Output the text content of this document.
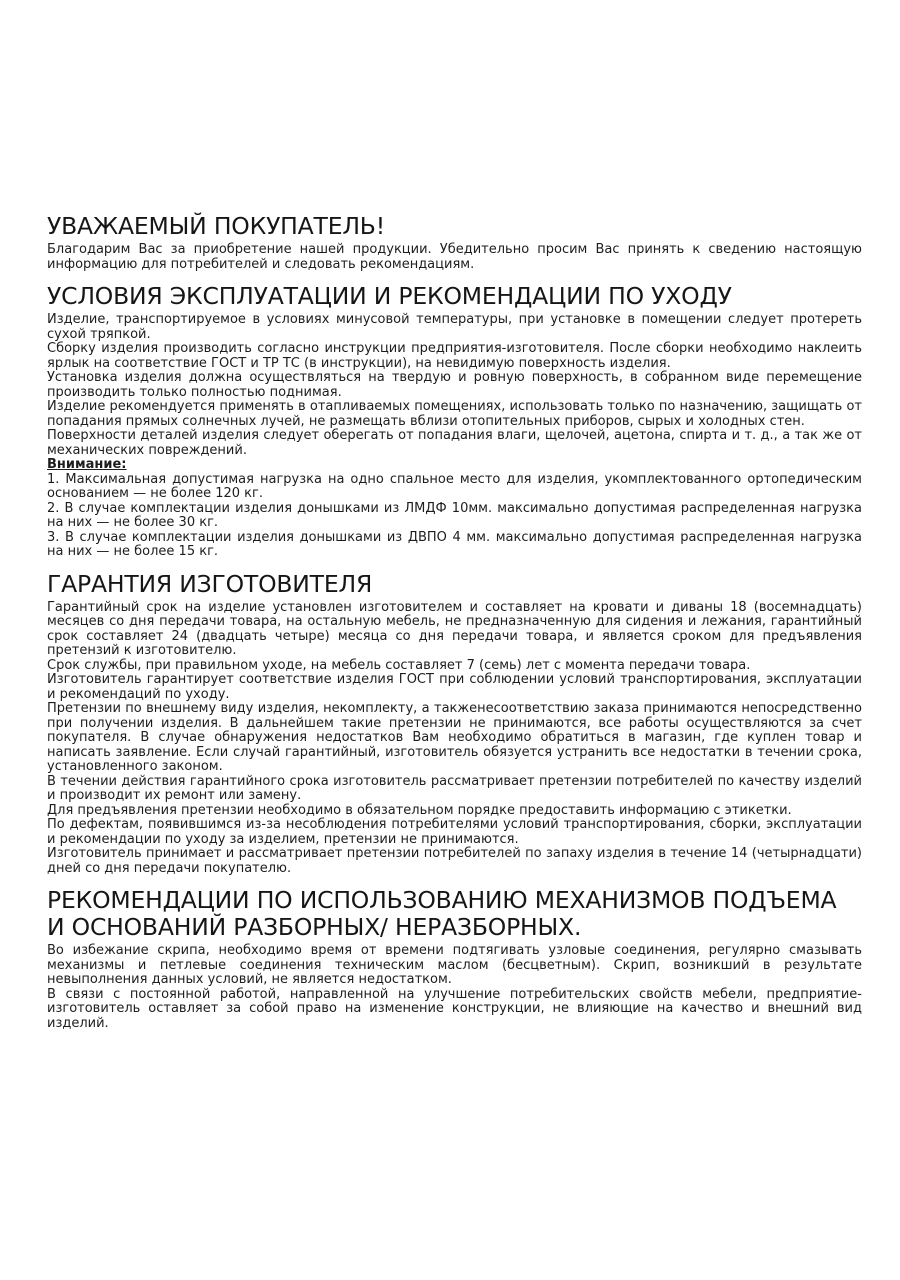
УВАЖАЕМЫЙ ПОКУПАТЕЛЬ!

Благодарим Вас за приобретение нашей продукции. Убедительно просим Вас принять к сведению настоящую информацию для потребителей и следовать рекомендациям.

УСЛОВИЯ ЭКСПЛУАТАЦИИ И РЕКОМЕНДАЦИИ ПО УХОДУ

Изделие, транспортируемое в условиях минусовой температуры, при установке в помещении следует протереть сухой тряпкой.

Сборку изделия производить согласно инструкции предприятия-изготовителя. После сборки необходимо наклеить ярлык на соответствие ГОСТ и ТР ТС (в инструкции), на невидимую поверхность изделия.

Установка изделия должна осуществляться на твердую и ровную поверхность, в собранном виде перемещение производить только полностью поднимая.

Изделие рекомендуется применять в отапливаемых помещениях, использовать только по назначению, защищать от попадания прямых солнечных лучей, не размещать вблизи отопительных приборов, сырых и холодных стен.

Поверхности деталей изделия следует оберегать от попадания влаги, щелочей, ацетона, спирта и т. д., а так же от механических повреждений.

Внимание:

1. Максимальная допустимая нагрузка на одно спальное место для изделия, укомплектованного ортопедическим основанием — не более 120 кг.

2. В случае комплектации изделия донышками из ЛМДФ 10мм. максимально допустимая распределенная нагрузка на них — не более 30 кг.

3. В случае комплектации изделия донышками из ДВПО 4 мм. максимально допустимая распределенная нагрузка на них — не более 15 кг.

ГАРАНТИЯ ИЗГОТОВИТЕЛЯ

Гарантийный срок на изделие установлен изготовителем и составляет на кровати и диваны 18 (восемнадцать) месяцев со дня передачи товара, на остальную мебель, не предназначенную для сидения и лежания, гарантийный срок составляет 24 (двадцать четыре) месяца со дня передачи товара, и является сроком для предъявления претензий к изготовителю.

Срок службы, при правильном уходе, на мебель составляет 7 (семь) лет с момента передачи товара.

Изготовитель гарантирует соответствие изделия ГОСТ при соблюдении условий транспортирования, эксплуатации и рекомендаций по уходу.

Претензии по внешнему виду изделия, некомплекту, а такженесоответствию заказа принимаются непосредственно при получении изделия. В дальнейшем такие претензии не принимаются, все работы осуществляются за счет покупателя. В случае обнаружения недостатков Вам необходимо обратиться в магазин, где куплен товар и написать заявление. Если случай гарантийный, изготовитель обязуется устранить все недостатки в течении срока, установленного законом.

В течении действия гарантийного срока изготовитель рассматривает претензии потребителей по качеству изделий и производит их ремонт или замену.

Для предъявления претензии необходимо в обязательном порядке предоставить информацию с этикетки.

По дефектам, появившимся из-за несоблюдения потребителями условий транспортирования, сборки, эксплуатации и рекомендации по уходу за изделием, претензии не принимаются.

Изготовитель принимает и рассматривает претензии потребителей по запаху изделия в течение 14 (четырнадцати) дней со дня передачи покупателю.

РЕКОМЕНДАЦИИ ПО ИСПОЛЬЗОВАНИЮ МЕХАНИЗМОВ ПОДЪЕМА
И ОСНОВАНИЙ РАЗБОРНЫХ/ НЕРАЗБОРНЫХ.

Во избежание скрипа, необходимо время от времени подтягивать узловые соединения, регулярно смазывать механизмы и петлевые соединения техническим маслом (бесцветным). Скрип, возникший в результате невыполнения данных условий, не является недостатком.

В связи с постоянной работой, направленной на улучшение потребительских свойств мебели, предприятие-изготовитель оставляет за собой право на изменение конструкции, не влияющие на качество и внешний вид изделий.
